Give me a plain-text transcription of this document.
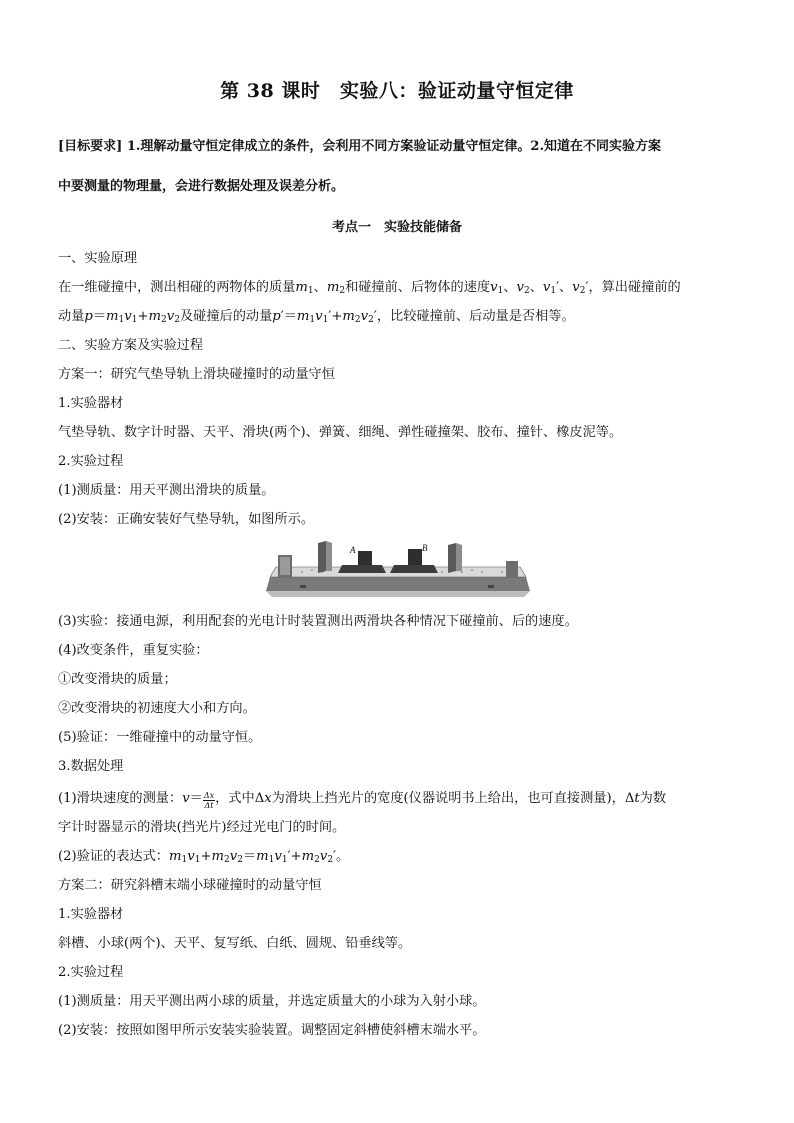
第 38 课时　实验八：验证动量守恒定律
[目标要求] 1.理解动量守恒定律成立的条件，会利用不同方案验证动量守恒定律。2.知道在不同实验方案
中要测量的物理量，会进行数据处理及误差分析。
考点一　实验技能储备
一、实验原理
在一维碰撞中，测出相碰的两物体的质量$m_1$、$m_2$和碰撞前、后物体的速度$v_1$、$v_2$、$v_1'$、$v_2'$，算出碰撞前的
动量$p=m_1v_1+m_2v_2$及碰撞后的动量$p'=m_1v_1'+m_2v_2'$，比较碰撞前、后动量是否相等。
二、实验方案及实验过程
方案一：研究气垫导轨上滑块碰撞时的动量守恒
1.实验器材
气垫导轨、数字计时器、天平、滑块(两个)、弹簧、细绳、弹性碰撞架、胶布、撞针、橡皮泥等。
2.实验过程
(1)测质量：用天平测出滑块的质量。
(2)安装：正确安装好气垫导轨，如图所示。
A	B
(3)实验：接通电源，利用配套的光电计时装置测出两滑块各种情况下碰撞前、后的速度。
(4)改变条件，重复实验：
①改变滑块的质量；
②改变滑块的初速度大小和方向。
(5)验证：一维碰撞中的动量守恒。
3.数据处理
(1)滑块速度的测量：$v= \frac{\Delta x}{\Delta t}$ ，式中Δx为滑块上挡光片的宽度(仪器说明书上给出，也可直接测量)，Δt为数
字计时器显示的滑块(挡光片)经过光电门的时间。
(2)验证的表达式：$m_1v_1+m_2v_2=m_1v_1'+m_2v_2'$。
方案二：研究斜槽末端小球碰撞时的动量守恒
1.实验器材
斜槽、小球(两个)、天平、复写纸、白纸、圆规、铅垂线等。
2.实验过程
(1)测质量：用天平测出两小球的质量，并选定质量大的小球为入射小球。
(2)安装：按照如图甲所示安装实验装置。调整固定斜槽使斜槽末端水平。
